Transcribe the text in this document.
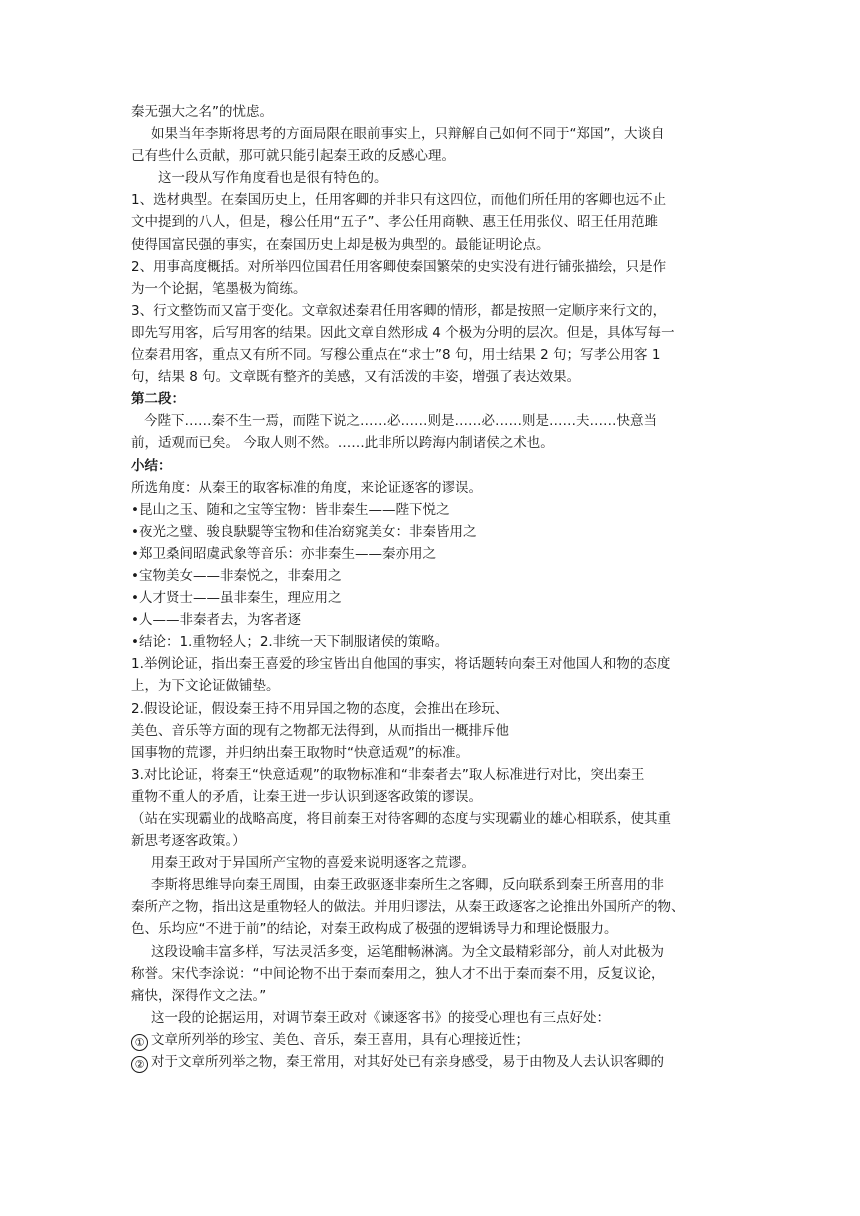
秦无强大之名”的忧虑。
如果当年李斯将思考的方面局限在眼前事实上，只辩解自己如何不同于“郑国”，大谈自
己有些什么贡献，那可就只能引起秦王政的反感心理。
这一段从写作角度看也是很有特色的。
1、选材典型。在秦国历史上，任用客卿的并非只有这四位，而他们所任用的客卿也远不止
文中提到的八人，但是，穆公任用“五子”、孝公任用商鞅、惠王任用张仪、昭王任用范雎
使得国富民强的事实，在秦国历史上却是极为典型的。最能证明论点。
2、用事高度概括。对所举四位国君任用客卿使秦国繁荣的史实没有进行铺张描绘，只是作
为一个论据，笔墨极为简练。
3、行文整饬而又富于变化。文章叙述秦君任用客卿的情形，都是按照一定顺序来行文的，
即先写用客，后写用客的结果。因此文章自然形成 4 个极为分明的层次。但是，具体写每一
位秦君用客，重点又有所不同。写穆公重点在“求士”8 句，用士结果 2 句；写孝公用客 1
句，结果 8 句。文章既有整齐的美感，又有活泼的丰姿，增强了表达效果。
第二段：
今陛下……秦不生一焉，而陛下说之……必……则是……必……则是……夫……快意当
前，适观而已矣。 今取人则不然。……此非所以跨海内制诸侯之术也。
小结：
所选角度：从秦王的取客标准的角度，来论证逐客的谬误。
•昆山之玉、随和之宝等宝物：皆非秦生——陛下悦之
•夜光之璧、骏良駃騠等宝物和佳冶窈窕美女：非秦皆用之
•郑卫桑间昭虞武象等音乐：亦非秦生——秦亦用之
•宝物美女——非秦悦之，非秦用之
•人才贤士——虽非秦生，理应用之
•人——非秦者去，为客者逐
•结论：1.重物轻人；2.非统一天下制服诸侯的策略。
1.举例论证，指出秦王喜爱的珍宝皆出自他国的事实，将话题转向秦王对他国人和物的态度
上，为下文论证做铺垫。
2.假设论证，假设秦王持不用异国之物的态度，会推出在珍玩、
美色、音乐等方面的现有之物都无法得到，从而指出一概排斥他
国事物的荒谬，并归纳出秦王取物时“快意适观”的标准。
3.对比论证，将秦王“快意适观”的取物标准和“非秦者去”取人标准进行对比，突出秦王
重物不重人的矛盾，让秦王进一步认识到逐客政策的谬误。
（站在实现霸业的战略高度，将目前秦王对待客卿的态度与实现霸业的雄心相联系，使其重
新思考逐客政策。）
用秦王政对于异国所产宝物的喜爱来说明逐客之荒谬。
李斯将思维导向秦王周围，由秦王政驱逐非秦所生之客卿，反向联系到秦王所喜用的非
秦所产之物，指出这是重物轻人的做法。并用归谬法，从秦王政逐客之论推出外国所产的物、
色、乐均应“不进于前”的结论，对秦王政构成了极强的逻辑诱导力和理论慑服力。
这段设喻丰富多样，写法灵活多变，运笔酣畅淋漓。为全文最精彩部分，前人对此极为
称誉。宋代李涂说：“中间论物不出于秦而秦用之，独人才不出于秦而秦不用，反复议论，
痛快，深得作文之法。”
这一段的论据运用，对调节秦王政对《谏逐客书》的接受心理也有三点好处：
① 文章所列举的珍宝、美色、音乐，秦王喜用，具有心理接近性；
② 对于文章所列举之物，秦王常用，对其好处已有亲身感受，易于由物及人去认识客卿的
